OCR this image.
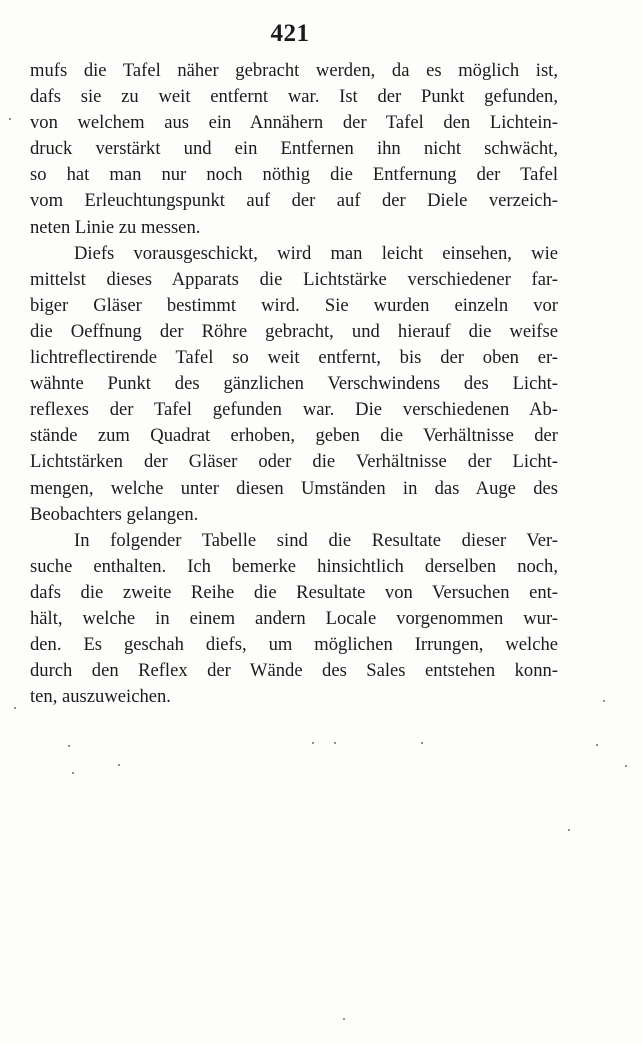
421
mufs die Tafel näher gebracht werden, da es möglich ist,
dafs sie zu weit entfernt war. Ist der Punkt gefunden,
von welchem aus ein Annähern der Tafel den Lichtein-
druck verstärkt und ein Entfernen ihn nicht schwächt,
so hat man nur noch nöthig die Entfernung der Tafel
vom Erleuchtungspunkt auf der auf der Diele verzeich-
neten Linie zu messen.
Diefs vorausgeschickt, wird man leicht einsehen, wie
mittelst dieses Apparats die Lichtstärke verschiedener far-
biger Gläser bestimmt wird. Sie wurden einzeln vor
die Oeffnung der Röhre gebracht, und hierauf die weifse
lichtreflectirende Tafel so weit entfernt, bis der oben er-
wähnte Punkt des gänzlichen Verschwindens des Licht-
reflexes der Tafel gefunden war. Die verschiedenen Ab-
stände zum Quadrat erhoben, geben die Verhältnisse der
Lichtstärken der Gläser oder die Verhältnisse der Licht-
mengen, welche unter diesen Umständen in das Auge des
Beobachters gelangen.
In folgender Tabelle sind die Resultate dieser Ver-
suche enthalten. Ich bemerke hinsichtlich derselben noch,
dafs die zweite Reihe die Resultate von Versuchen ent-
hält, welche in einem andern Locale vorgenommen wur-
den. Es geschah diefs, um möglichen Irrungen, welche
durch den Reflex der Wände des Sales entstehen konn-
ten, auszuweichen.
